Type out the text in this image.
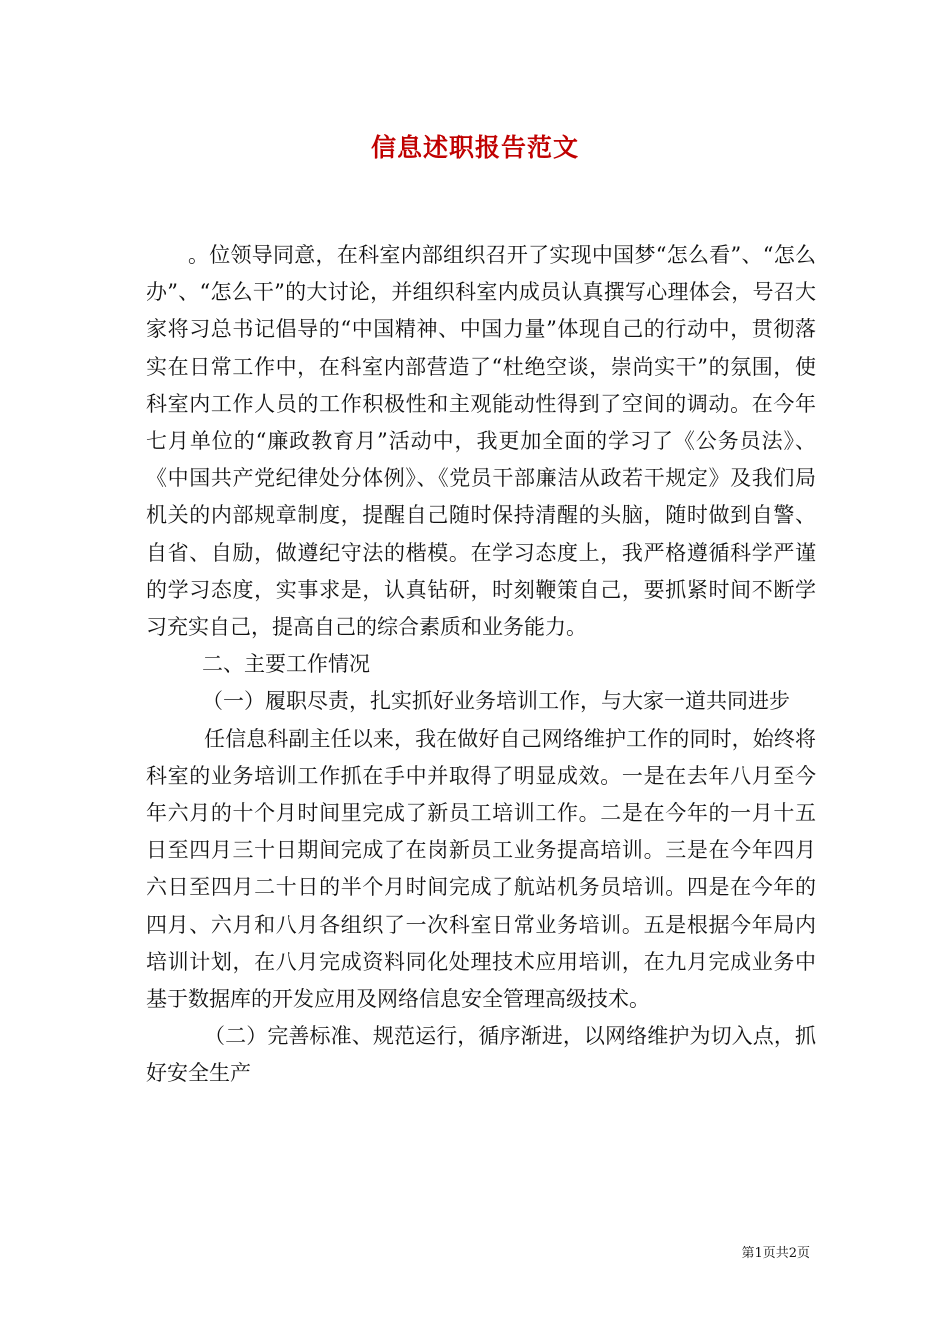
信息述职报告范文

。位领导同意，在科室内部组织召开了实现中国梦“怎么看”、“怎么办”、“怎么干”的大讨论，并组织科室内成员认真撰写心理体会，号召大家将习总书记倡导的“中国精神、中国力量”体现自己的行动中，贯彻落实在日常工作中，在科室内部营造了“杜绝空谈，崇尚实干”的氛围，使科室内工作人员的工作积极性和主观能动性得到了空间的调动。在今年七月单位的“廉政教育月”活动中，我更加全面的学习了《公务员法》、《中国共产党纪律处分体例》、《党员干部廉洁从政若干规定》及我们局机关的内部规章制度，提醒自己随时保持清醒的头脑，随时做到自警、自省、自励，做遵纪守法的楷模。在学习态度上，我严格遵循科学严谨的学习态度，实事求是，认真钻研，时刻鞭策自己，要抓紧时间不断学习充实自己，提高自己的综合素质和业务能力。

二、主要工作情况

（一）履职尽责，扎实抓好业务培训工作，与大家一道共同进步

任信息科副主任以来，我在做好自己网络维护工作的同时，始终将科室的业务培训工作抓在手中并取得了明显成效。一是在去年八月至今年六月的十个月时间里完成了新员工培训工作。二是在今年的一月十五日至四月三十日期间完成了在岗新员工业务提高培训。三是在今年四月六日至四月二十日的半个月时间完成了航站机务员培训。四是在今年的四月、六月和八月各组织了一次科室日常业务培训。五是根据今年局内培训计划，在八月完成资料同化处理技术应用培训，在九月完成业务中基于数据库的开发应用及网络信息安全管理高级技术。

（二）完善标准、规范运行，循序渐进，以网络维护为切入点，抓好安全生产

第1页共2页
